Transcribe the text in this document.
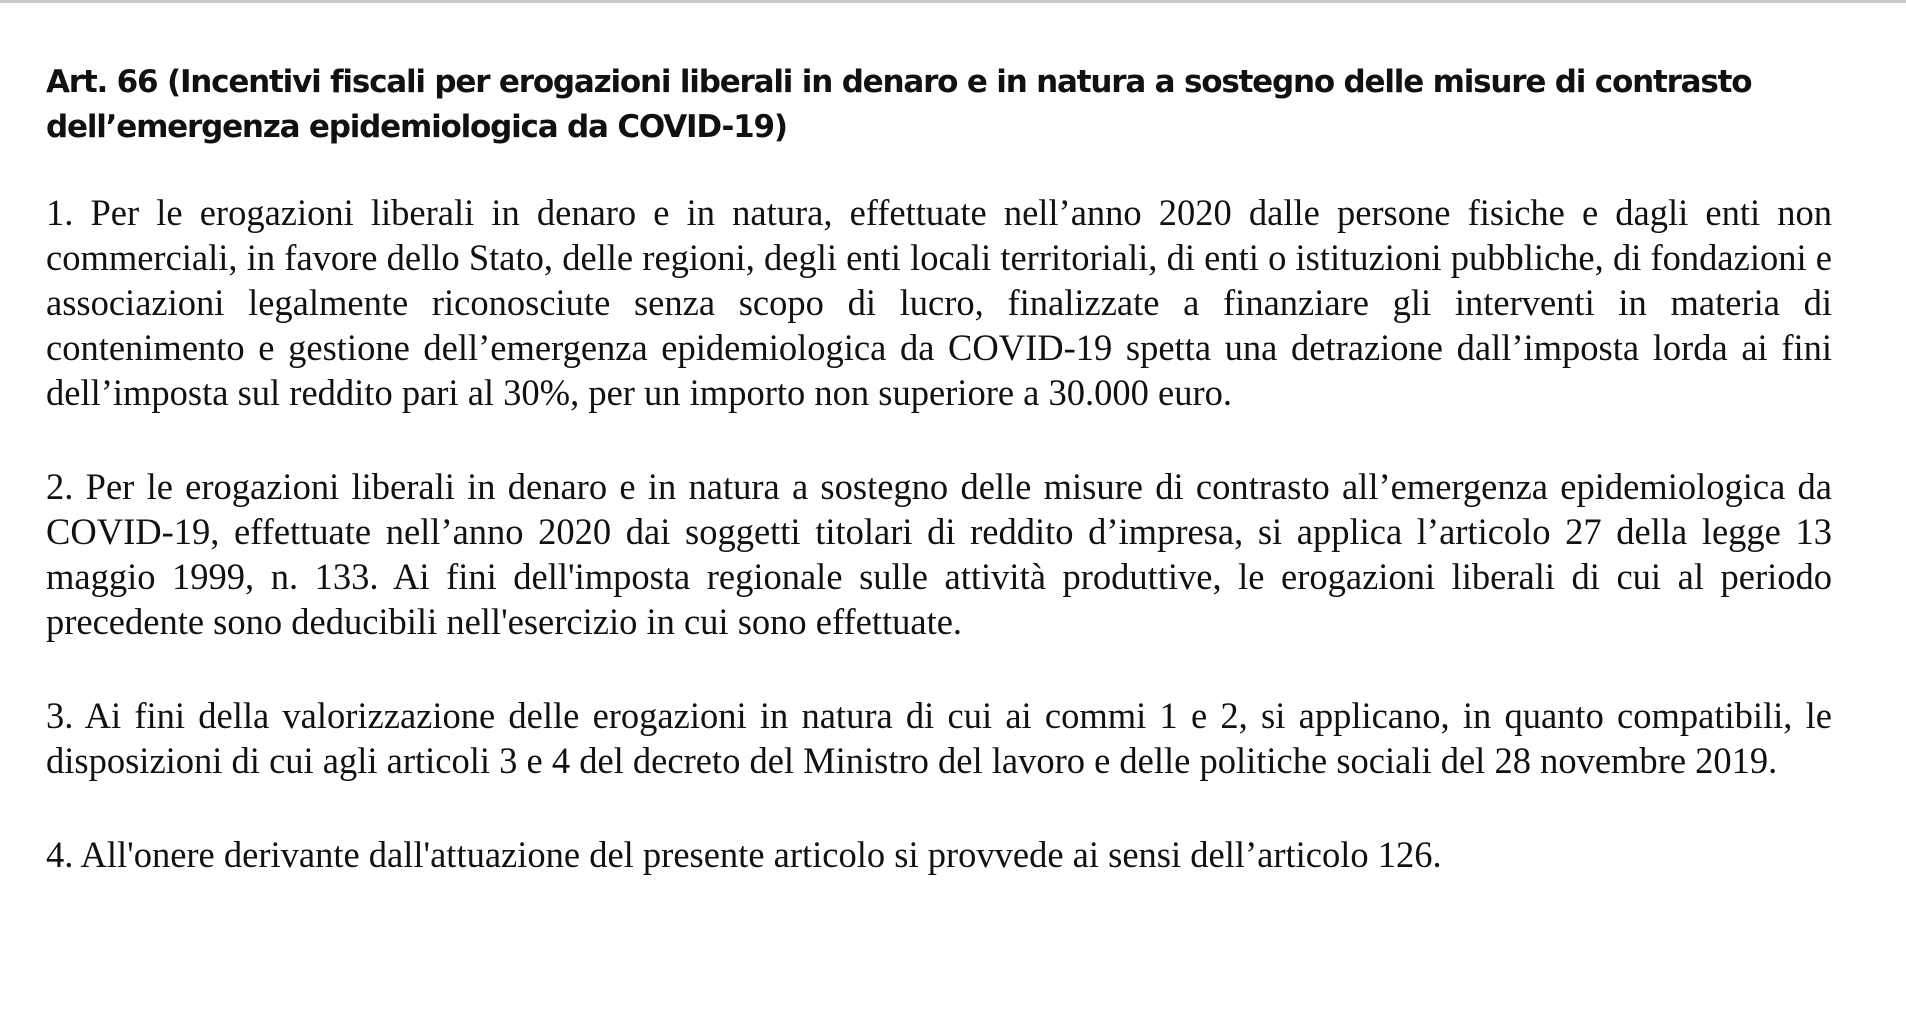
Art. 66 (Incentivi fiscali per erogazioni liberali in denaro e in natura a sostegno delle misure di contrasto dell’emergenza epidemiologica da COVID-19)

1. Per le erogazioni liberali in denaro e in natura, effettuate nell’anno 2020 dalle persone fisiche e dagli enti non commerciali, in favore dello Stato, delle regioni, degli enti locali territoriali, di enti o istituzioni pubbliche, di fondazioni e associazioni legalmente riconosciute senza scopo di lucro, finalizzate a finanziare gli interventi in materia di contenimento e gestione dell’emergenza epidemiologica da COVID-19 spetta una detrazione dall’imposta lorda ai fini dell’imposta sul reddito pari al 30%, per un importo non superiore a 30.000 euro.

2. Per le erogazioni liberali in denaro e in natura a sostegno delle misure di contrasto all’emergenza epidemiologica da COVID-19, effettuate nell’anno 2020 dai soggetti titolari di reddito d’impresa, si applica l’articolo 27 della legge 13 maggio 1999, n. 133. Ai fini dell'imposta regionale sulle attività produttive, le erogazioni liberali di cui al periodo precedente sono deducibili nell'esercizio in cui sono effettuate.

3. Ai fini della valorizzazione delle erogazioni in natura di cui ai commi 1 e 2, si applicano, in quanto compatibili, le disposizioni di cui agli articoli 3 e 4 del decreto del Ministro del lavoro e delle politiche sociali del 28 novembre 2019.

4. All'onere derivante dall'attuazione del presente articolo si provvede ai sensi dell’articolo 126.
